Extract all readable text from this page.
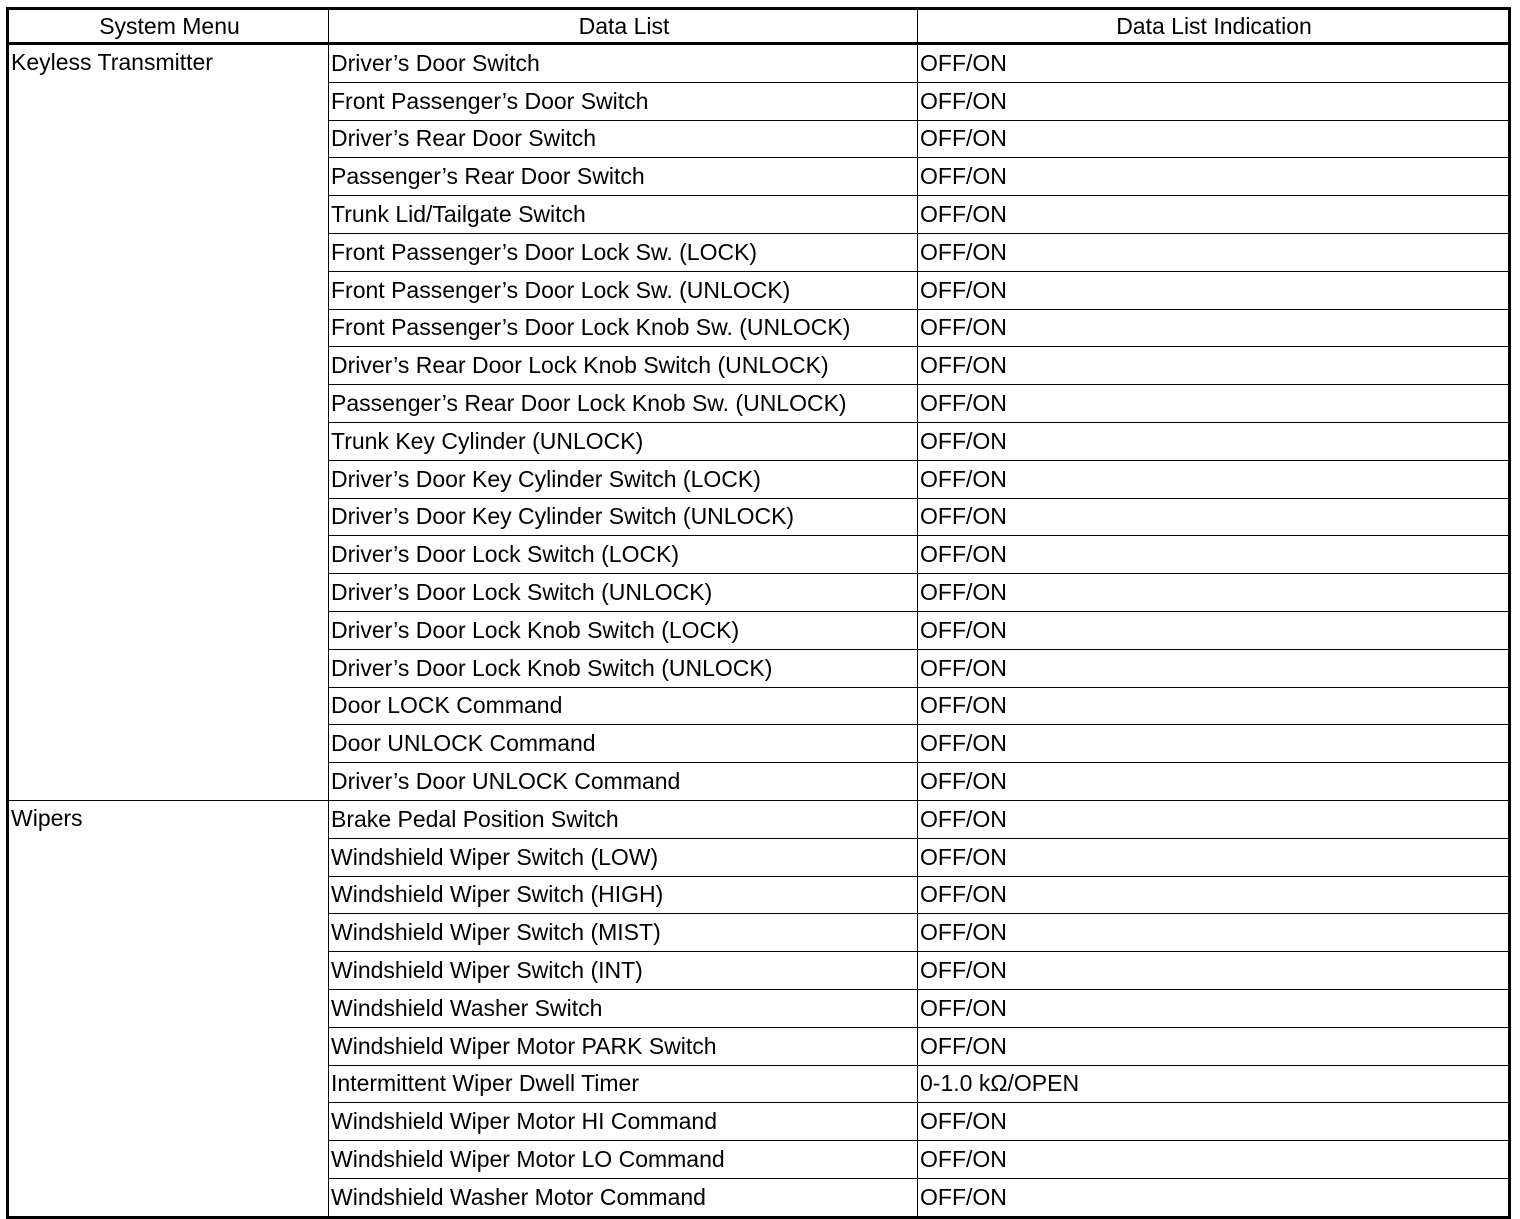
System Menu	Data List	Data List Indication
Keyless Transmitter	Driver’s Door Switch	OFF/ON
	Front Passenger’s Door Switch	OFF/ON
	Driver’s Rear Door Switch	OFF/ON
	Passenger’s Rear Door Switch	OFF/ON
	Trunk Lid/Tailgate Switch	OFF/ON
	Front Passenger’s Door Lock Sw. (LOCK)	OFF/ON
	Front Passenger’s Door Lock Sw. (UNLOCK)	OFF/ON
	Front Passenger’s Door Lock Knob Sw. (UNLOCK)	OFF/ON
	Driver’s Rear Door Lock Knob Switch (UNLOCK)	OFF/ON
	Passenger’s Rear Door Lock Knob Sw. (UNLOCK)	OFF/ON
	Trunk Key Cylinder (UNLOCK)	OFF/ON
	Driver’s Door Key Cylinder Switch (LOCK)	OFF/ON
	Driver’s Door Key Cylinder Switch (UNLOCK)	OFF/ON
	Driver’s Door Lock Switch (LOCK)	OFF/ON
	Driver’s Door Lock Switch (UNLOCK)	OFF/ON
	Driver’s Door Lock Knob Switch (LOCK)	OFF/ON
	Driver’s Door Lock Knob Switch (UNLOCK)	OFF/ON
	Door LOCK Command	OFF/ON
	Door UNLOCK Command	OFF/ON
	Driver’s Door UNLOCK Command	OFF/ON
Wipers	Brake Pedal Position Switch	OFF/ON
	Windshield Wiper Switch (LOW)	OFF/ON
	Windshield Wiper Switch (HIGH)	OFF/ON
	Windshield Wiper Switch (MIST)	OFF/ON
	Windshield Wiper Switch (INT)	OFF/ON
	Windshield Washer Switch	OFF/ON
	Windshield Wiper Motor PARK Switch	OFF/ON
	Intermittent Wiper Dwell Timer	0-1.0 kΩ/OPEN
	Windshield Wiper Motor HI Command	OFF/ON
	Windshield Wiper Motor LO Command	OFF/ON
	Windshield Washer Motor Command	OFF/ON
